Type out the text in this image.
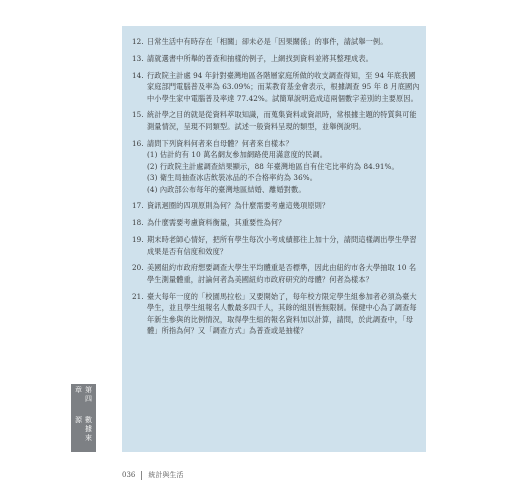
12. 日常生活中有時存在「相關」卻未必是「因果關係」的事件，請試舉一例。
13. 請就選書中所舉的普查和抽樣的例子，上網找到資料並將其整理成表。
14. 行政院主計處 94 年針對臺灣地區各階層家庭所做的收支調查得知，至 94 年底我國家庭部門電腦普及率為 63.09%；而某教育基金會表示，根據調查 95 年 8 月底國內中小學生家中電腦普及率達 77.42%。試簡單說明造成這兩個數字差別的主要原因。
15. 統計學之目的就是從資料萃取知識，而蒐集資料或資訊時，常根據主題的特質與可能測量情況，呈現不同類型。試述一般資料呈現的類型，並舉例說明。
16. 請問下列資料何者來自母體？何者來自樣本？
(1) 估計約有 10 萬名網友參加網路使用滿意度的民調。
(2) 行政院主計處調查結果顯示，88 年臺灣地區自有住宅比率約為 84.91%。
(3) 衛生局抽查冰店飲裝冰品的不合格率約為 36%。
(4) 內政部公布每年的臺灣地區結婚、離婚對數。
17. 資訊迴圈的四項原則為何？為什麼需要考慮這幾項原則？
18. 為什麼需要考慮資料衡量，其重要性為何？
19. 期末時老師心情好，把所有學生每次小考成績都往上加十分，請問這樣調出學生學習成果是否有信度和效度？
20. 美國紐約市政府想要調查大學生平均體重是否標準，因此由紐約市各大學抽取 10 名學生測量體重，討論何者為美國紐約市政府研究的母體？何者為樣本？
21. 臺大每年一度的「校園馬拉松」又要開始了，每年校方限定學生組參加者必須為臺大學生，並且學生組報名人數最多四千人，其餘的組別皆無限制。保健中心為了調查每年新生參與的比例情況，取得學生組的報名資料加以計算，請問，於此調查中，「母體」所指為何？又「調查方式」為普查或是抽樣？
第四章
數據來源
036 統計與生活
